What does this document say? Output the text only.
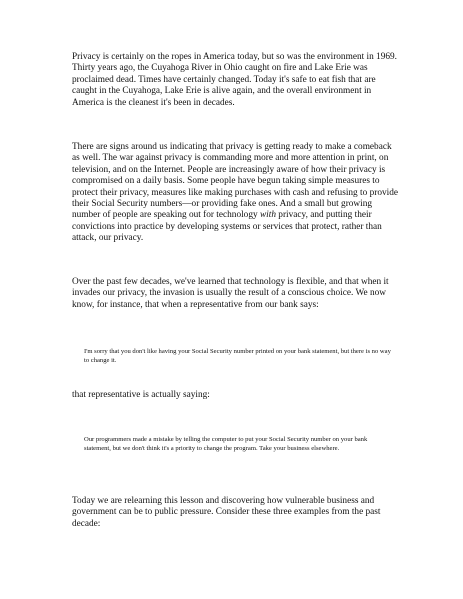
Privacy is certainly on the ropes in America today, but so was the environment in 1969. Thirty years ago, the Cuyahoga River in Ohio caught on fire and Lake Erie was proclaimed dead. Times have certainly changed. Today it's safe to eat fish that are caught in the Cuyahoga, Lake Erie is alive again, and the overall environment in America is the cleanest it's been in decades.

There are signs around us indicating that privacy is getting ready to make a comeback as well. The war against privacy is commanding more and more attention in print, on television, and on the Internet. People are increasingly aware of how their privacy is compromised on a daily basis. Some people have begun taking simple measures to protect their privacy, measures like making purchases with cash and refusing to provide their Social Security numbers—or providing fake ones. And a small but growing number of people are speaking out for technology with privacy, and putting their convictions into practice by developing systems or services that protect, rather than attack, our privacy.

Over the past few decades, we've learned that technology is flexible, and that when it invades our privacy, the invasion is usually the result of a conscious choice. We now know, for instance, that when a representative from our bank says:

I'm sorry that you don't like having your Social Security number printed on your bank statement, but there is no way to change it.

that representative is actually saying:

Our programmers made a mistake by telling the computer to put your Social Security number on your bank statement, but we don't think it's a priority to change the program. Take your business elsewhere.

Today we are relearning this lesson and discovering how vulnerable business and government can be to public pressure. Consider these three examples from the past decade:
